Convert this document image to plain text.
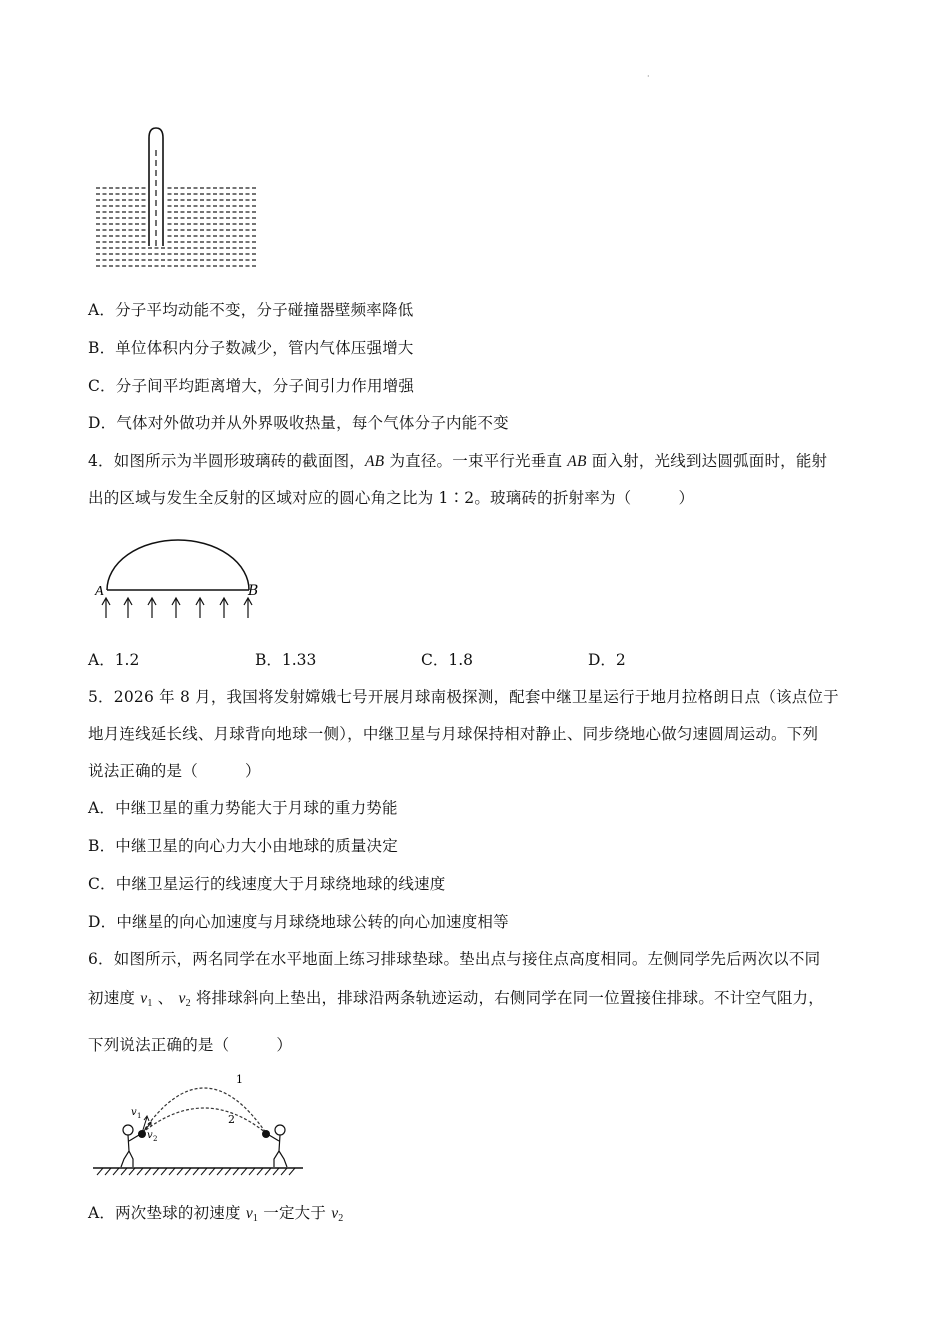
·
A．分子平均动能不变，分子碰撞器壁频率降低
B．单位体积内分子数减少，管内气体压强增大
C．分子间平均距离增大，分子间引力作用增强
D．气体对外做功并从外界吸收热量，每个气体分子内能不变
4．如图所示为半圆形玻璃砖的截面图，AB 为直径。一束平行光垂直 AB 面入射，光线到达圆弧面时，能射
出的区域与发生全反射的区域对应的圆心角之比为 1∶2。玻璃砖的折射率为（　　　）
A	B
A．1.2	B．1.33	C．1.8	D．2
5．2026 年 8 月，我国将发射嫦娥七号开展月球南极探测，配套中继卫星运行于地月拉格朗日点（该点位于
地月连线延长线、月球背向地球一侧），中继卫星与月球保持相对静止、同步绕地心做匀速圆周运动。下列
说法正确的是（　　　）
A．中继卫星的重力势能大于月球的重力势能
B．中继卫星的向心力大小由地球的质量决定
C．中继卫星运行的线速度大于月球绕地球的线速度
D．中继星的向心加速度与月球绕地球公转的向心加速度相等
6．如图所示，两名同学在水平地面上练习排球垫球。垫出点与接住点高度相同。左侧同学先后两次以不同
初速度 $v_1$ 、 $v_2$ 将排球斜向上垫出，排球沿两条轨迹运动，右侧同学在同一位置接住排球。不计空气阻力，
下列说法正确的是（　　　）
1
2
v 1
v 2
A．两次垫球的初速度 $v_1$ 一定大于 $v_2$
